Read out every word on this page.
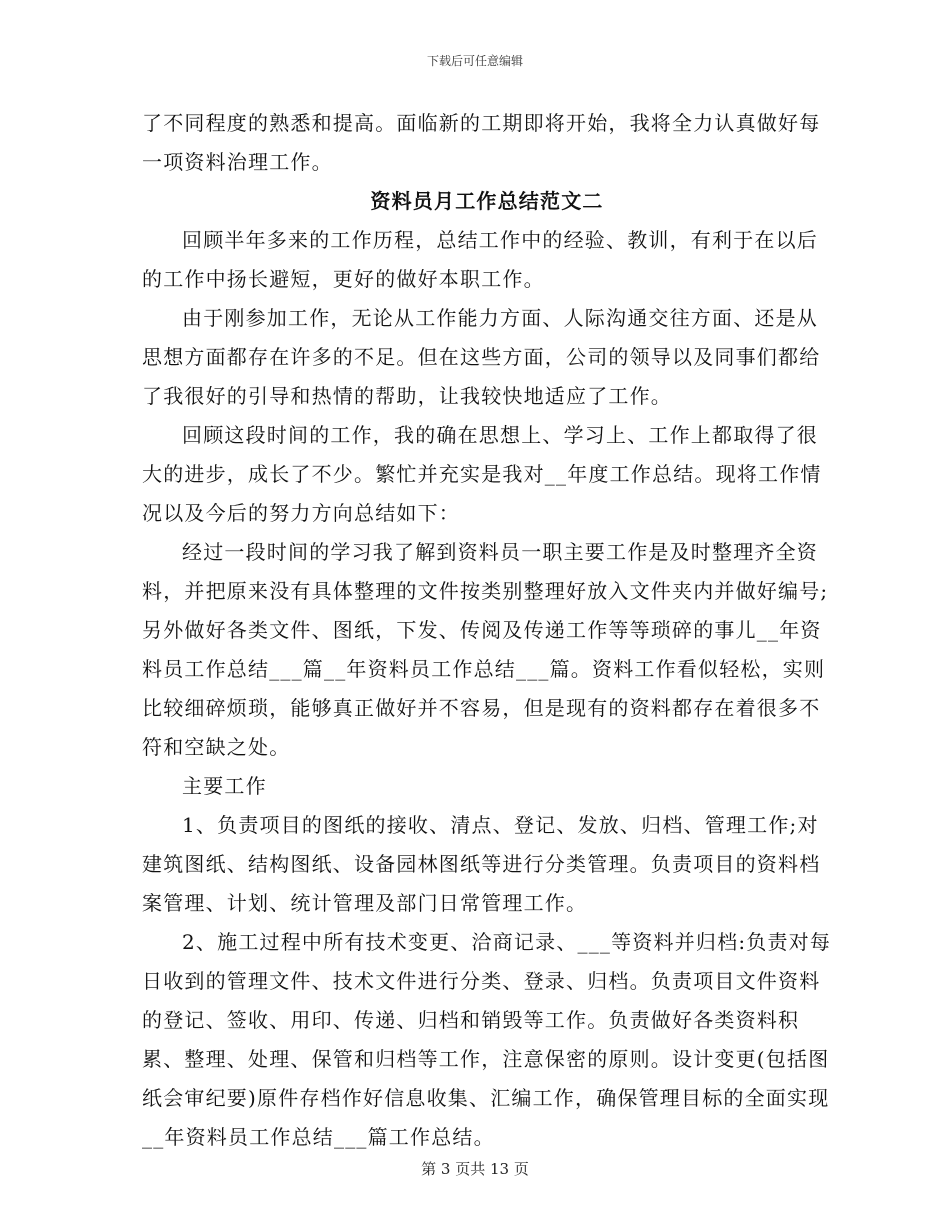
下载后可任意编辑

了不同程度的熟悉和提高。面临新的工期即将开始，我将全力认真做好每一项资料治理工作。

资料员月工作总结范文二

回顾半年多来的工作历程，总结工作中的经验、教训，有利于在以后的工作中扬长避短，更好的做好本职工作。

由于刚参加工作，无论从工作能力方面、人际沟通交往方面、还是从思想方面都存在许多的不足。但在这些方面，公司的领导以及同事们都给了我很好的引导和热情的帮助，让我较快地适应了工作。

回顾这段时间的工作，我的确在思想上、学习上、工作上都取得了很大的进步，成长了不少。繁忙并充实是我对__年度工作总结。现将工作情况以及今后的努力方向总结如下：

经过一段时间的学习我了解到资料员一职主要工作是及时整理齐全资料，并把原来没有具体整理的文件按类别整理好放入文件夹内并做好编号;另外做好各类文件、图纸，下发、传阅及传递工作等等琐碎的事儿__年资料员工作总结___篇__年资料员工作总结___篇。资料工作看似轻松，实则比较细碎烦琐，能够真正做好并不容易，但是现有的资料都存在着很多不符和空缺之处。

主要工作

1、负责项目的图纸的接收、清点、登记、发放、归档、管理工作;对建筑图纸、结构图纸、设备园林图纸等进行分类管理。负责项目的资料档案管理、计划、统计管理及部门日常管理工作。

2、施工过程中所有技术变更、洽商记录、___等资料并归档:负责对每日收到的管理文件、技术文件进行分类、登录、归档。负责项目文件资料的登记、签收、用印、传递、归档和销毁等工作。负责做好各类资料积累、整理、处理、保管和归档等工作，注意保密的原则。设计变更(包括图纸会审纪要)原件存档作好信息收集、汇编工作，确保管理目标的全面实现__年资料员工作总结___篇工作总结。

第 3 页共 13 页
